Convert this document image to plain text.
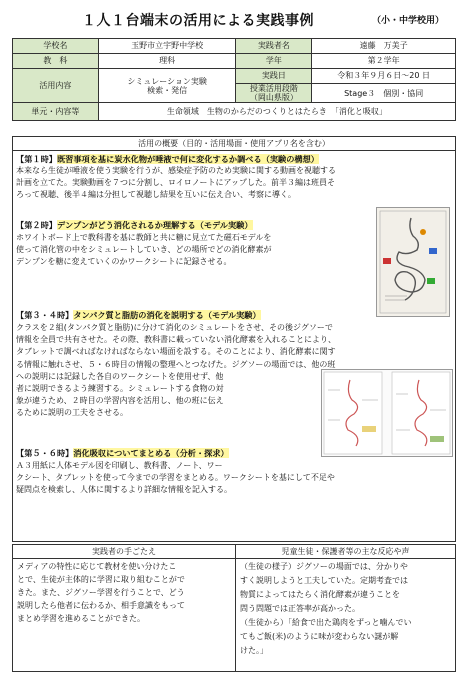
１人１台端末の活用による実践事例	（小・中学校用）
学校名	玉野市立宇野中学校	実践者名	遠藤　万美子
教　科	理科	学年	第２学年
活用内容	シミュレーション実験
検索・発信	実践日	令和３年９月６日〜20 日

		授業活用段階
（岡山県版）	Stage３　個別・協同

単元・内容等	生命領域　生物のからだのつくりとはたらき　「消化と吸収」		
活用の概要（目的・活用場面・使用アプリ名を含む）
【第１時】既習事項を基に炭水化物が唾液で何に変化するか調べる（実験の構想）
本来なら生徒が唾液を使う実験を行うが、感染症予防のため実験に関する動画を視聴する
計画を立てた。実験動画を７つに分割し、ロイロノートにアップした。前半３編は班員そ
ろって視聴、後半４編は分担して視聴し結果を互いに伝え合い、考察に導く。
【第２時】デンプンがどう消化されるか理解する（モデル実験）
ホワイトボード上で教科書を基に教師と共に糖に見立てた磁石モデルを
使って消化管の中をシミュレートしていき、どの場所でどの消化酵素が
デンプンを糖に変えていくのかワークシートに記録させる。
【第３・４時】タンパク質と脂肪の消化を説明する（モデル実験）
クラスを２組(タンパク質と脂肪)に分けて消化のシミュレートをさせ、その後ジグソーで
情報を全員で共有させた。その際、教科書に載っていない消化酵素を入れることにより、
タブレットで調べればなければならない場面を設する。そのことにより、消化酵素に関す
る情報に触れさせ、５・６時目の情報の整理へとつなげた。ジグソーの場面では、他の班
への説明には記録した各自のワークシートを使用せず、他
者に説明できるよう練習する。シミュレートする食物の対
象が違うため、２時目の学習内容を活用し、他の班に伝え
るために説明の工夫をさせる。
【第５・６時】消化吸収についてまとめる（分析・探求）
Ａ３用紙に人体モデル図を印刷し、教科書、ノート、ワー
クシート、タブレットを使って今までの学習をまとめる。ワークシートを基にして不足や
疑問点を検索し、人体に関するより詳細な情報を記入する。
実践者の手ごたえ
メディアの特性に応じて教材を使い分けたこ
とで、生徒が主体的に学習に取り組むことがで
きた。また、ジグソー学習を行うことで、どう
説明したら他者に伝わるか、相手意識をもって
まとめ学習を進めることができた。
児童生徒・保護者等の主な反応や声
（生徒の様子）ジグソーの場面では、分かりや
すく説明しようと工夫していた。定期考査では
物質によってはたらく消化酵素が違うことを
問う問題では正答率が高かった。
（生徒から）「給食で出た鶏肉をずっと噛んでい
てもご飯(米)のように味が変わらない謎が解
けた。」
